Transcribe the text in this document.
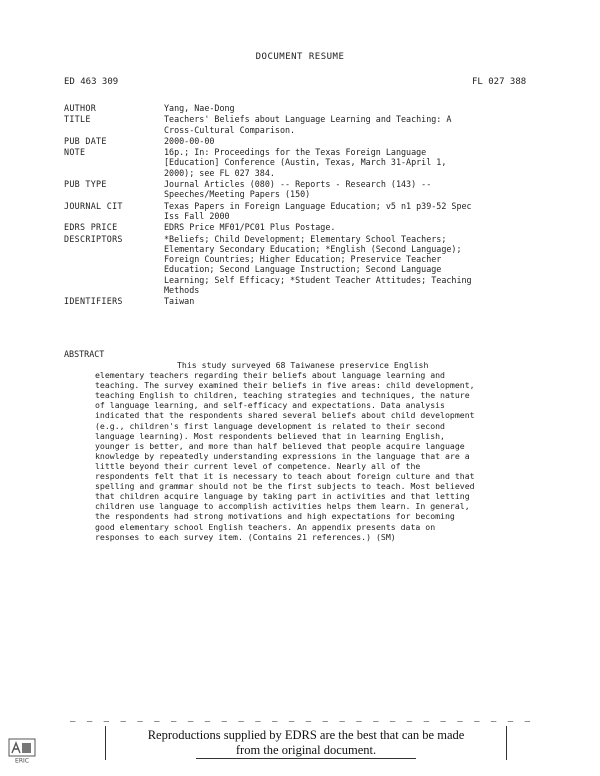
DOCUMENT RESUME
ED 463 309	FL 027 388
AUTHOR	Yang, Nae-Dong
TITLE	Teachers' Beliefs about Language Learning and Teaching: A
Cross-Cultural Comparison.
PUB DATE	2000-00-00
NOTE	16p.; In: Proceedings for the Texas Foreign Language
[Education] Conference (Austin, Texas, March 31-April 1,
2000); see FL 027 384.
PUB TYPE	Journal Articles (080) -- Reports - Research (143) --
Speeches/Meeting Papers (150)
JOURNAL CIT	Texas Papers in Foreign Language Education; v5 n1 p39-52 Spec
Iss Fall 2000
EDRS PRICE	EDRS Price MF01/PC01 Plus Postage.
DESCRIPTORS	*Beliefs; Child Development; Elementary School Teachers;
Elementary Secondary Education; *English (Second Language);
Foreign Countries; Higher Education; Preservice Teacher
Education; Second Language Instruction; Second Language
Learning; Self Efficacy; *Student Teacher Attitudes; Teaching
Methods
IDENTIFIERS	Taiwan
ABSTRACT
This study surveyed 68 Taiwanese preservice English
elementary teachers regarding their beliefs about language learning and
teaching. The survey examined their beliefs in five areas: child development,
teaching English to children, teaching strategies and techniques, the nature
of language learning, and self-efficacy and expectations. Data analysis
indicated that the respondents shared several beliefs about child development
(e.g., children's first language development is related to their second
language learning). Most respondents believed that in learning English,
younger is better, and more than half believed that people acquire language
knowledge by repeatedly understanding expressions in the language that are a
little beyond their current level of competence. Nearly all of the
respondents felt that it is necessary to teach about foreign culture and that
spelling and grammar should not be the first subjects to teach. Most believed
that children acquire language by taking part in activities and that letting
children use language to accomplish activities helps them learn. In general,
the respondents had strong motivations and high expectations for becoming
good elementary school English teachers. An appendix presents data on
responses to each survey item. (Contains 21 references.) (SM)
— — — — — — — — — — — — — — — — — — — — — — — — — — — —
Reproductions supplied by EDRS are the best that can be made
from the original document.
ERIC
